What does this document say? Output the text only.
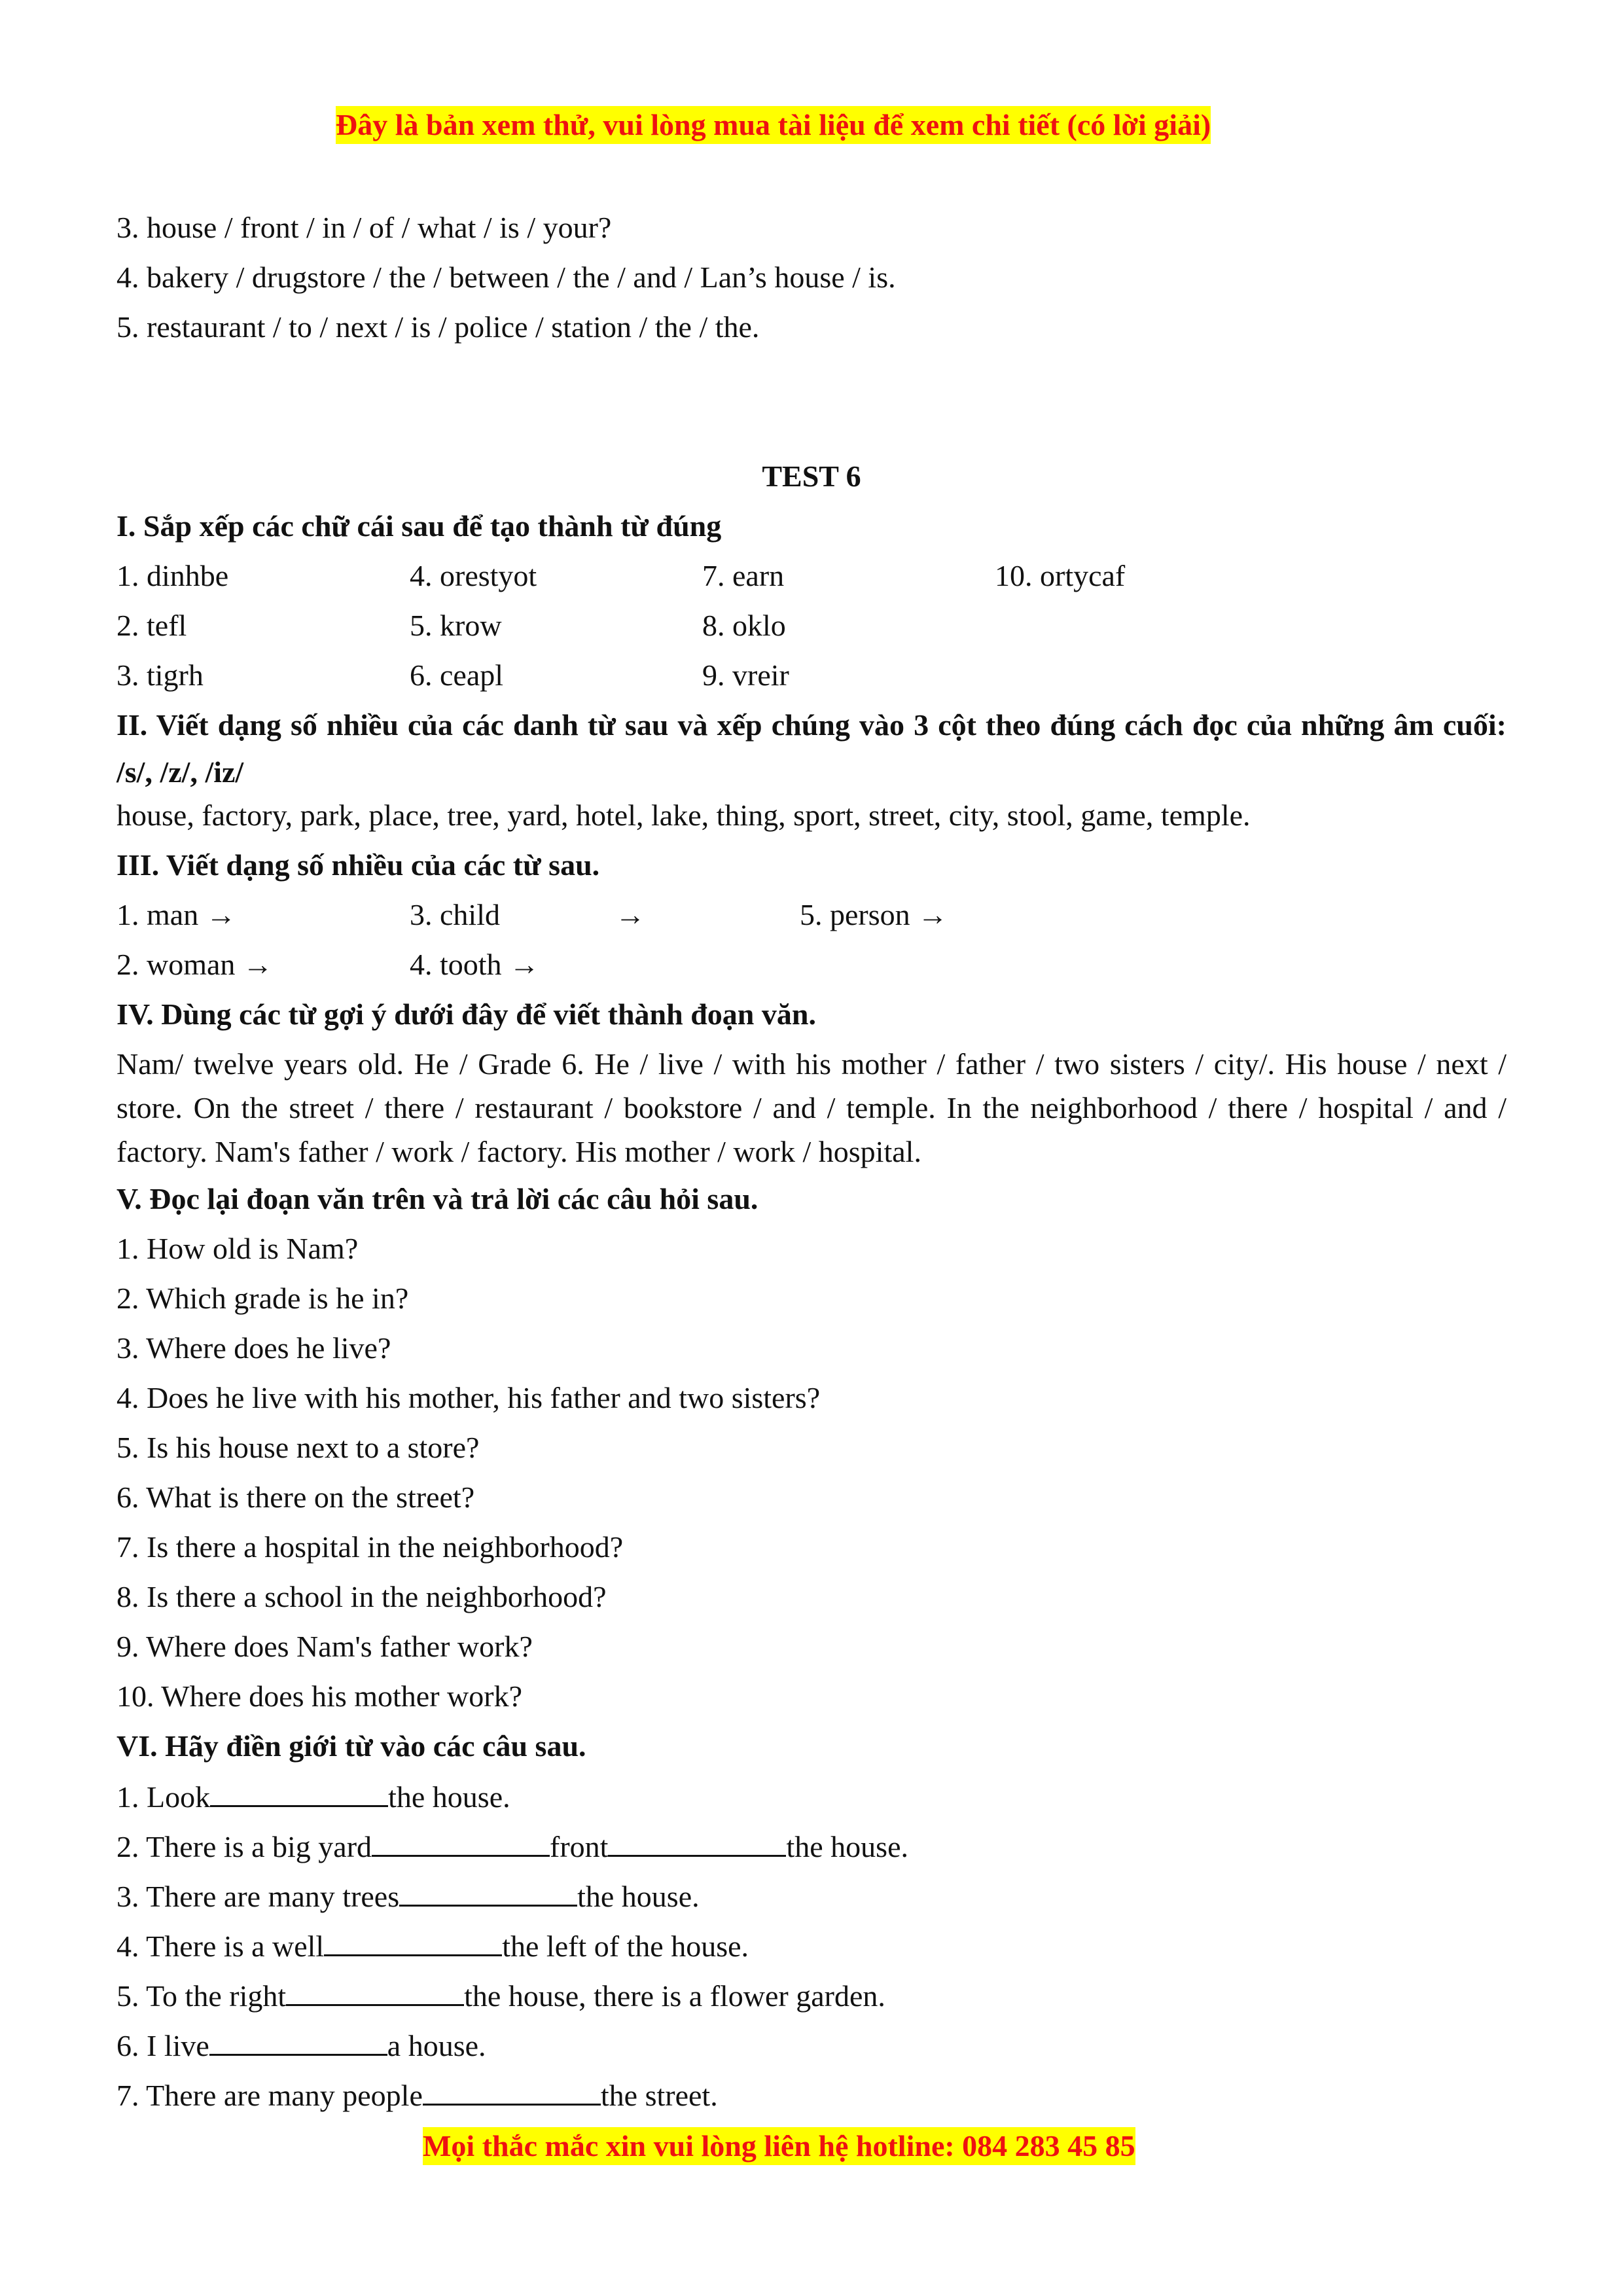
Đây là bản xem thử, vui lòng mua tài liệu để xem chi tiết (có lời giải)
3. house / front / in / of / what / is / your?
4. bakery / drugstore / the / between / the / and / Lan’s house / is.
5. restaurant / to / next / is / police / station / the / the.
TEST 6
I. Sắp xếp các chữ cái sau để tạo thành từ đúng
1. dinhbe	4. orestyot	7. earn	10. ortycaf
2. tefl	5. krow	8. oklo
3. tigrh	6. ceapl	9. vreir
II. Viết dạng số nhiều của các danh từ sau và xếp chúng vào 3 cột theo đúng cách đọc của những âm cuối: /s/, /z/, /iz/
house, factory, park, place, tree, yard, hotel, lake, thing, sport, street, city, stool, game, temple.
III. Viết dạng số nhiều của các từ sau.
1. man →	3. child	→	5. person →
2. woman →	4. tooth →
IV. Dùng các từ gợi ý dưới đây để viết thành đoạn văn.
Nam/ twelve years old. He / Grade 6. He / live / with his mother / father / two sisters / city/. His house / next / store. On the street / there / restaurant / bookstore / and / temple. In the neighborhood / there / hospital / and / factory. Nam's father / work / factory. His mother / work / hospital.
V. Đọc lại đoạn văn trên và trả lời các câu hỏi sau.
1. How old is Nam?
2. Which grade is he in?
3. Where does he live?
4. Does he live with his mother, his father and two sisters?
5. Is his house next to a store?
6. What is there on the street?
7. Is there a hospital in the neighborhood?
8. Is there a school in the neighborhood?
9. Where does Nam's father work?
10. Where does his mother work?
VI. Hãy điền giới từ vào các câu sau.
1. Look	the house.
2. There is a big yard	front	the house.
3. There are many trees	the house.
4. There is a well	the left of the house.
5. To the right	the house, there is a flower garden.
6. I live	a house.
7. There are many people	the street.
Mọi thắc mắc xin vui lòng liên hệ hotline: 084 283 45 85
